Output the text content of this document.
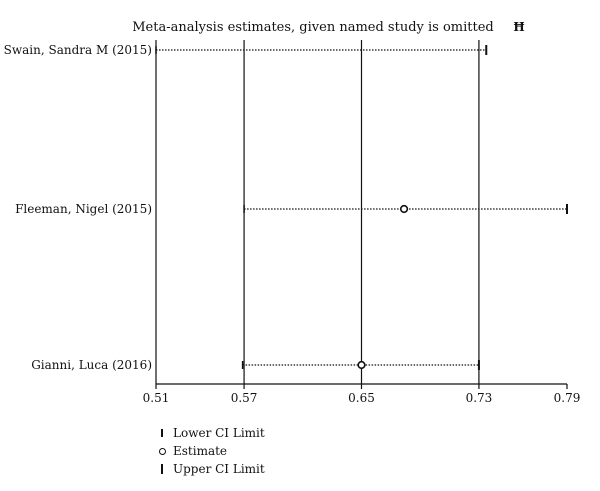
Meta-analysis estimates, given named study is omitted Ħ
0.51	0.57	0.65	0.73	0.79
Swain, Sandra M (2015)
Fleeman, Nigel (2015)
Gianni, Luca (2016)
Lower CI Limit
Estimate
Upper CI Limit
